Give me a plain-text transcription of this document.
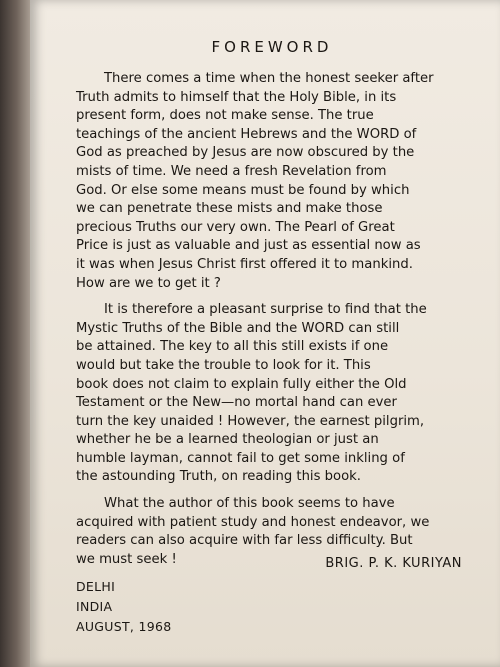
FOREWORD

There comes a time when the honest seeker after
Truth admits to himself that the Holy Bible, in its
present form, does not make sense. The true
teachings of the ancient Hebrews and the WORD of
God as preached by Jesus are now obscured by the
mists of time. We need a fresh Revelation from
God. Or else some means must be found by which
we can penetrate these mists and make those
precious Truths our very own. The Pearl of Great
Price is just as valuable and just as essential now as
it was when Jesus Christ first offered it to mankind.
How are we to get it ?

It is therefore a pleasant surprise to find that the
Mystic Truths of the Bible and the WORD can still
be attained. The key to all this still exists if one
would but take the trouble to look for it. This
book does not claim to explain fully either the Old
Testament or the New—no mortal hand can ever
turn the key unaided ! However, the earnest pilgrim,
whether he be a learned theologian or just an
humble layman, cannot fail to get some inkling of
the astounding Truth, on reading this book.

What the author of this book seems to have
acquired with patient study and honest endeavor, we
readers can also acquire with far less difficulty. But

we must seek !	BRIG. P. K. KURIYAN
DELHI
INDIA
AUGUST, 1968
